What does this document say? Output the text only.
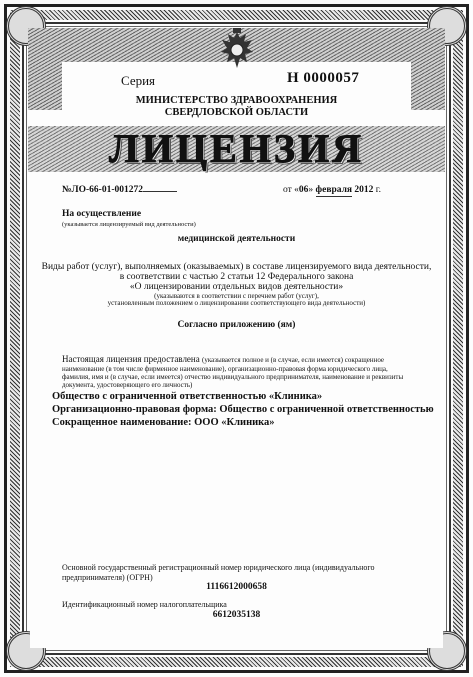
Серия	Н 0000057
МИНИСТЕРСТВО ЗДРАВООХРАНЕНИЯ
СВЕРДЛОВСКОЙ ОБЛАСТИ
ЛИЦЕНЗИЯ
№ЛО-66-01-001272	от «06» февраля 2012 г.
На осуществление
(указывается лицензируемый вид деятельности)
медицинской деятельности
Виды работ (услуг), выполняемых (оказываемых) в составе лицензируемого вида деятельности,
в соответствии с частью 2 статьи 12 Федерального закона
«О лицензировании отдельных видов деятельности»
(указываются в соответствии с перечнем работ (услуг),
установленным положением о лицензировании соответствующего вида деятельности)
Согласно приложению (ям)
Настоящая лицензия предоставлена (указывается полное и (в случае, если имеется) сокращенное
наименование (в том числе фирменное наименование), организационно-правовая форма юридического лица,
фамилия, имя и (в случае, если имеется) отчество индивидуального предпринимателя, наименование и реквизиты
документа, удостоверяющего его личность)
Общество с ограниченной ответственностью «Клиника»
Организационно-правовая форма: Общество с ограниченной ответственностью
Сокращенное наименование: ООО «Клиника»
Основной государственный регистрационный номер юридического лица (индивидуального
предпринимателя) (ОГРН)
1116612000658
Идентификационный номер налогоплательщика
6612035138
